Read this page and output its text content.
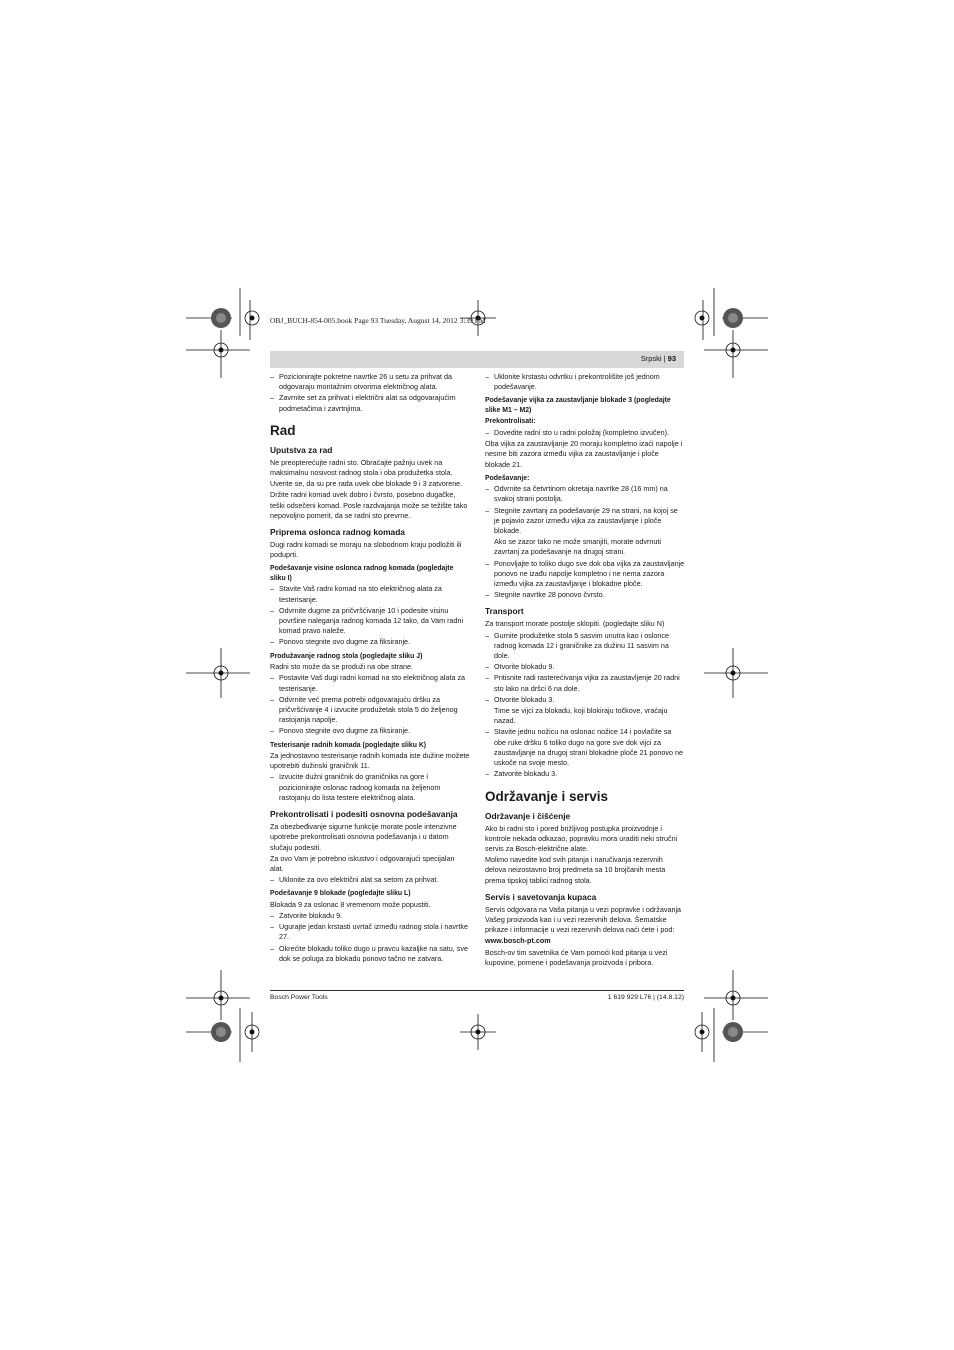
OBJ_BUCH-854-005.book Page 93 Tuesday, August 14, 2012 3:39 PM
Srpski | 93
– Pozicionirajte pokretne navrtke 26 u setu za prihvat da odgovaraju montažnim otvorima električnog alata.
– Zavrnite set za prihvat i električni alat sa odgovarajućim podmetačima i zavrtnjima.
Rad
Uputstva za rad

Ne preopterećujte radni sto. Obraćajte pažnju uvek na maksimalnu nosivost radnog stola i oba produžetka stola.

Uverite se, da su pre rada uvek obe blokade 9 i 3 zatvorene.

Držite radni komad uvek dobro i čvrsto, posebno dugačke, teški odsečeni komad. Posle razdvajanja može se težište tako nepovoljno pomerit, da se radni sto prevrne.

Priprema oslonca radnog komada

Dugi radni komadi se moraju na slobodnom kraju podložiti ili poduprti.

Podešavanje visine oslonca radnog komada (pogledajte sliku I)
– Stavite Vaš radni komad na sto električnog alata za testerisanje.
– Odvrnite dugme za pričvršćivanje 10 i podesite visinu površine naleganja radnog komada 12 tako, da Vam radni komad pravo naleže.
– Ponovo stegnite ovo dugme za fiksiranje.
Produžavanje radnog stola (pogledajte sliku J)

Radni sto može da se produži na obe strane.

– Postavite Vaš dugi radni komad na sto električnog alata za testerisanje.
– Odvrnite već prema potrebi odgovarajuću dršku za pričvršćivanje 4 i izvucite produžetak stola 5 do željenog rastojanja napolje.
– Ponovo stegnite ovo dugme za fiksiranje.
Testerisanje radnih komada (pogledajte sliku K)

Za jednostavno testerisanje radnih komada iste dužine možete upotrebiti dužinski graničnik 11.

– Izvucite dužni graničnik do graničnika na gore i pozicionirajte oslonac radnog komada na željenom rastojanju do lista testere električnog alata.
Prekontrolisati i podesiti osnovna podešavanja

Za obezbeđivanje sigurne funkcije morate posle intenzivne upotrebe prekontrolisati osnovna podešavanja i u datom slučaju podesiti.

Za ovo Vam je potrebno iskustvo i odgovarajući specijalan alat.

– Uklonite za ovo električni alat sa setom za prihvat.
Podešavanje 9 blokade (pogledajte sliku L)

Blokada 9 za oslonac 8 vremenom može popustiti.

– Zatvorite blokadu 9.
– Ugurajte jedan krstasti uvrtač između radnog stola i navrtke 27.
– Okrećite blokadu toliko dugo u pravcu kazaljke na satu, sve dok se poluga za blokadu ponovo tačno ne zatvara.
– Uklonite krstastu odvrtku i prekontrolišite još jednom podešavanje.
Podešavanje vijka za zaustavljanje blokade 3 (pogledajte slike M1 – M2)
Prekontrolisati:
– Dovedite radni sto u radni položaj (kompletno izvučen).

Oba vijka za zaustavljanje 20 moraju kompletno izaći napolje i nesme biti zazora između vijka za zaustavljanje i ploče blokade 21.

Podešavanje:
– Odvrnite sa četvrtinom okretaja navrtke 28 (16 mm) na svakoj strani postolja.
– Stegnite zavrtanj za podešavanje 29 na strani, na kojoj se je pojavio zazor između vijka za zaustavljanje i ploče blokade.

Ako se zazor tako ne može smanjiti, morate odvrnuti zavrtanj za podešavanje na drugoj strani.

– Ponovljajte to toliko dugo sve dok oba vijka za zaustavljanje ponovo ne izađu napolje kompletno i ne nema zazora između vijka za zaustavljanje i blokadne ploče.
– Stegnite navrtke 28 ponovo čvrsto.
Transport

Za transport morate postolje sklopiti. (pogledajte sliku N)

– Gurnite produžetke stola 5 sasvim unutra kao i oslonce radnog komada 12 i graničnike za dužinu 11 sasvim na dole.
– Otvorite blokadu 9.
– Pritisnite radi rasterećivanja vijka za zaustavljenje 20 radni sto lako na dršci 6 na dole.
– Otvorite blokadu 3.

Time se vijci za blokadu, koji blokiraju točkove, vraćaju nazad.

– Stavite jednu nožicu na oslonac nožice 14 i povlačite sa obe ruke dršku 6 toliko dugo na gore sve dok vijci za zaustavljanje na drugoj strani blokadne ploče 21 ponovo ne uskoče na svoje mesto.
– Zatvorite blokadu 3.
Održavanje i servis
Održavanje i čišćenje

Ako bi radni sto i pored brižljivog postupka proizvodnje i kontrole nekada odkazao, popravku mora uraditi neki stručni servis za Bosch-električne alate.

Molimo navedite kod svih pitanja i naručivanja rezervnih delova neizostavno broj predmeta sa 10 brojčanih mesta prema tipskoj tablici radnog stola.

Servis i savetovanja kupaca

Servis odgovara na Vaša pitanja u vezi popravke i održavanja Vašeg proizvoda kao i u vezi rezervnih delova. Šematske prikaze i informacije u vezi rezervnih delova naći ćete i pod:

www.bosch-pt.com

Bosch-ov tim savetnika će Vam pomoći kod pitanja u vezi kupovine, primene i podešavanja proizvoda i pribora.

Bosch Power Tools	1 619 929 L76 | (14.8.12)
